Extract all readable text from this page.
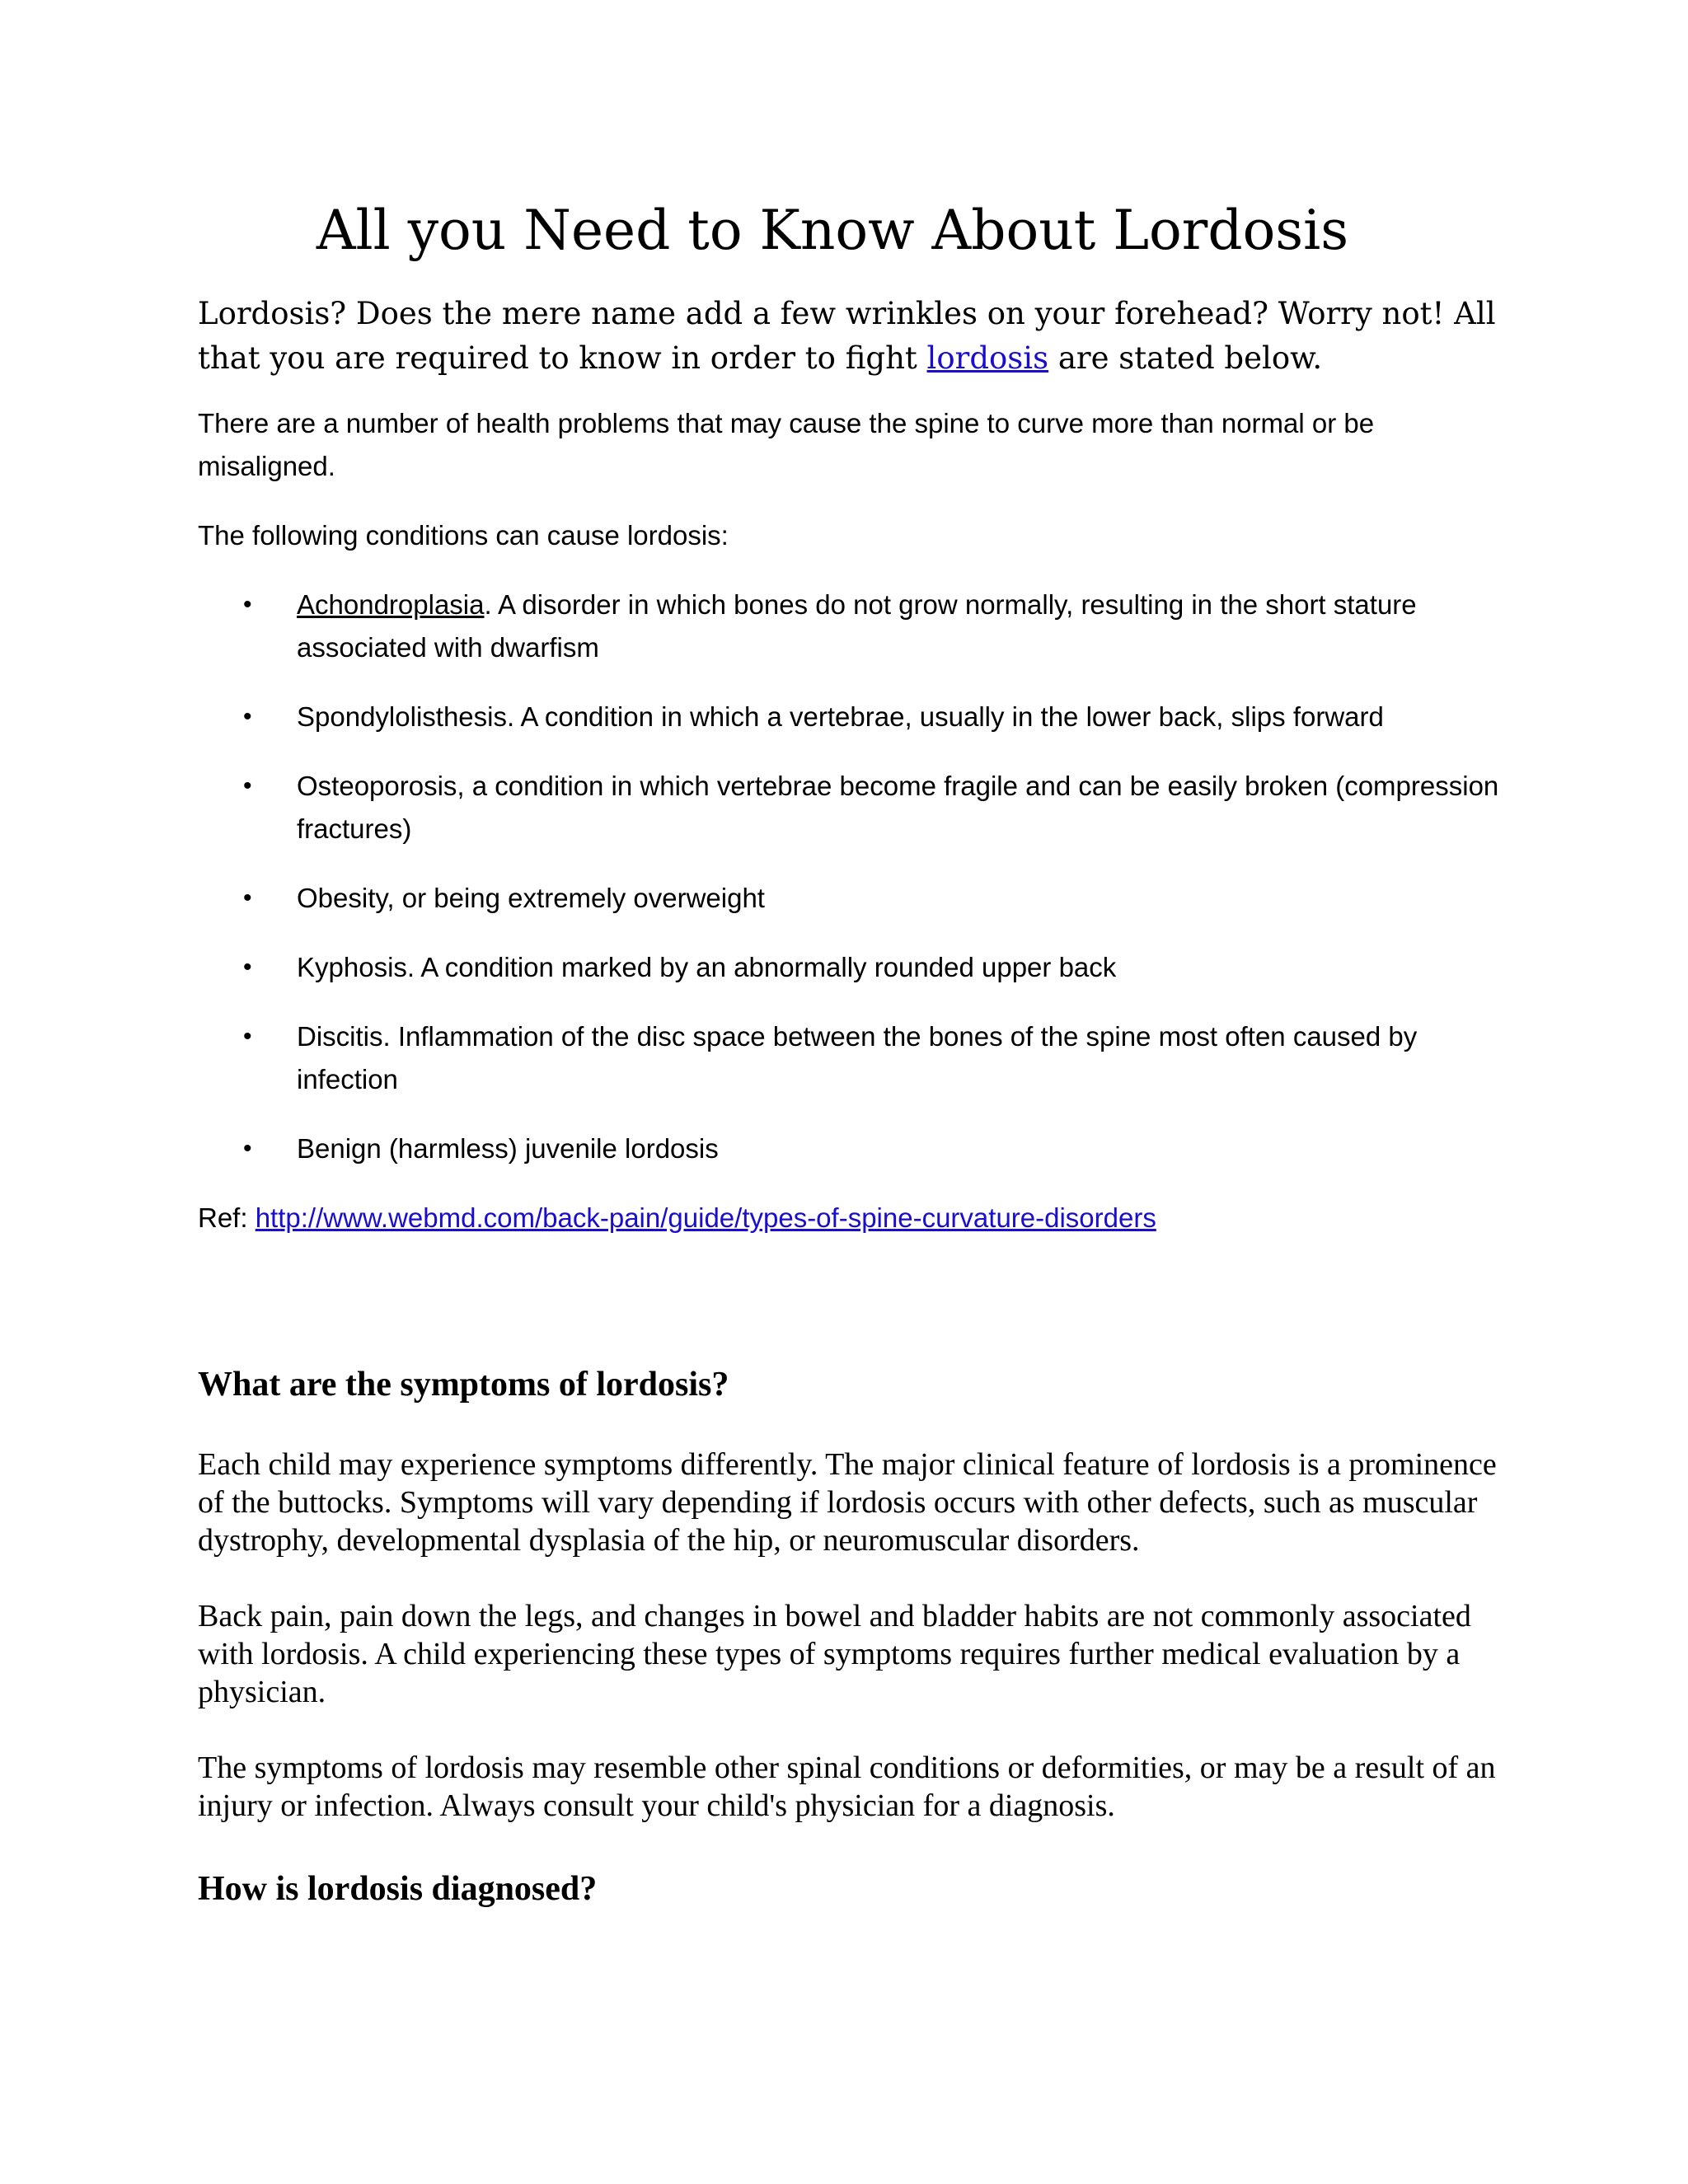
All you Need to Know About Lordosis

Lordosis? Does the mere name add a few wrinkles on your forehead? Worry not! All that you are required to know in order to fight lordosis are stated below.

There are a number of health problems that may cause the spine to curve more than normal or be misaligned.

The following conditions can cause lordosis:

• Achondroplasia. A disorder in which bones do not grow normally, resulting in the short stature associated with dwarfism
• Spondylolisthesis. A condition in which a vertebrae, usually in the lower back, slips forward
• Osteoporosis, a condition in which vertebrae become fragile and can be easily broken (compression fractures)
• Obesity, or being extremely overweight
• Kyphosis. A condition marked by an abnormally rounded upper back
• Discitis. Inflammation of the disc space between the bones of the spine most often caused by infection
• Benign (harmless) juvenile lordosis

Ref: http://www.webmd.com/back-pain/guide/types-of-spine-curvature-disorders

What are the symptoms of lordosis?

Each child may experience symptoms differently. The major clinical feature of lordosis is a prominence of the buttocks. Symptoms will vary depending if lordosis occurs with other defects, such as muscular dystrophy, developmental dysplasia of the hip, or neuromuscular disorders.

Back pain, pain down the legs, and changes in bowel and bladder habits are not commonly associated with lordosis. A child experiencing these types of symptoms requires further medical evaluation by a physician.

The symptoms of lordosis may resemble other spinal conditions or deformities, or may be a result of an injury or infection. Always consult your child's physician for a diagnosis.

How is lordosis diagnosed?
